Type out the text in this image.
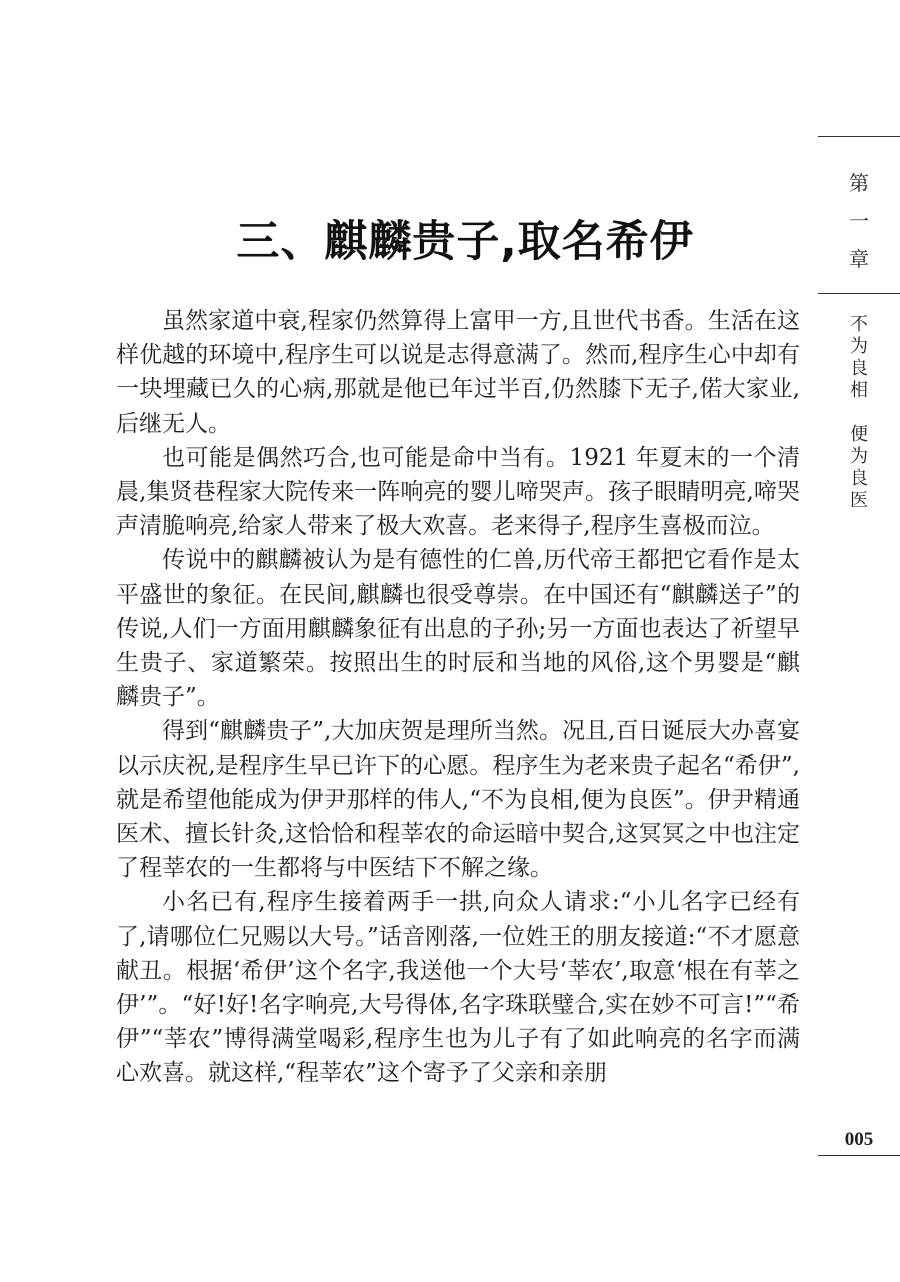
三、麒麟贵子,取名希伊

虽然家道中衰,程家仍然算得上富甲一方,且世代书香。生活在这样优越的环境中,程序生可以说是志得意满了。然而,程序生心中却有一块埋藏已久的心病,那就是他已年过半百,仍然膝下无子,偌大家业,后继无人。

也可能是偶然巧合,也可能是命中当有。1921 年夏末的一个清晨,集贤巷程家大院传来一阵响亮的婴儿啼哭声。孩子眼睛明亮,啼哭声清脆响亮,给家人带来了极大欢喜。老来得子,程序生喜极而泣。

传说中的麒麟被认为是有德性的仁兽,历代帝王都把它看作是太平盛世的象征。在民间,麒麟也很受尊崇。在中国还有“麒麟送子”的传说,人们一方面用麒麟象征有出息的子孙;另一方面也表达了祈望早生贵子、家道繁荣。按照出生的时辰和当地的风俗,这个男婴是“麒麟贵子”。

得到“麒麟贵子”,大加庆贺是理所当然。况且,百日诞辰大办喜宴以示庆祝,是程序生早已许下的心愿。程序生为老来贵子起名“希伊”,就是希望他能成为伊尹那样的伟人,“不为良相,便为良医”。伊尹精通医术、擅长针灸,这恰恰和程莘农的命运暗中契合,这冥冥之中也注定了程莘农的一生都将与中医结下不解之缘。

小名已有,程序生接着两手一拱,向众人请求:“小儿名字已经有了,请哪位仁兄赐以大号。”话音刚落,一位姓王的朋友接道:“不才愿意献丑。根据‘希伊’这个名字,我送他一个大号‘莘农’,取意‘根在有莘之伊’”。“好!好!名字响亮,大号得体,名字珠联璧合,实在妙不可言!”“希伊”“莘农”博得满堂喝彩,程序生也为儿子有了如此响亮的名字而满心欢喜。就这样,“程莘农”这个寄予了父亲和亲朋

第
一
章
不
为
良
相
便
为
良
医
005
